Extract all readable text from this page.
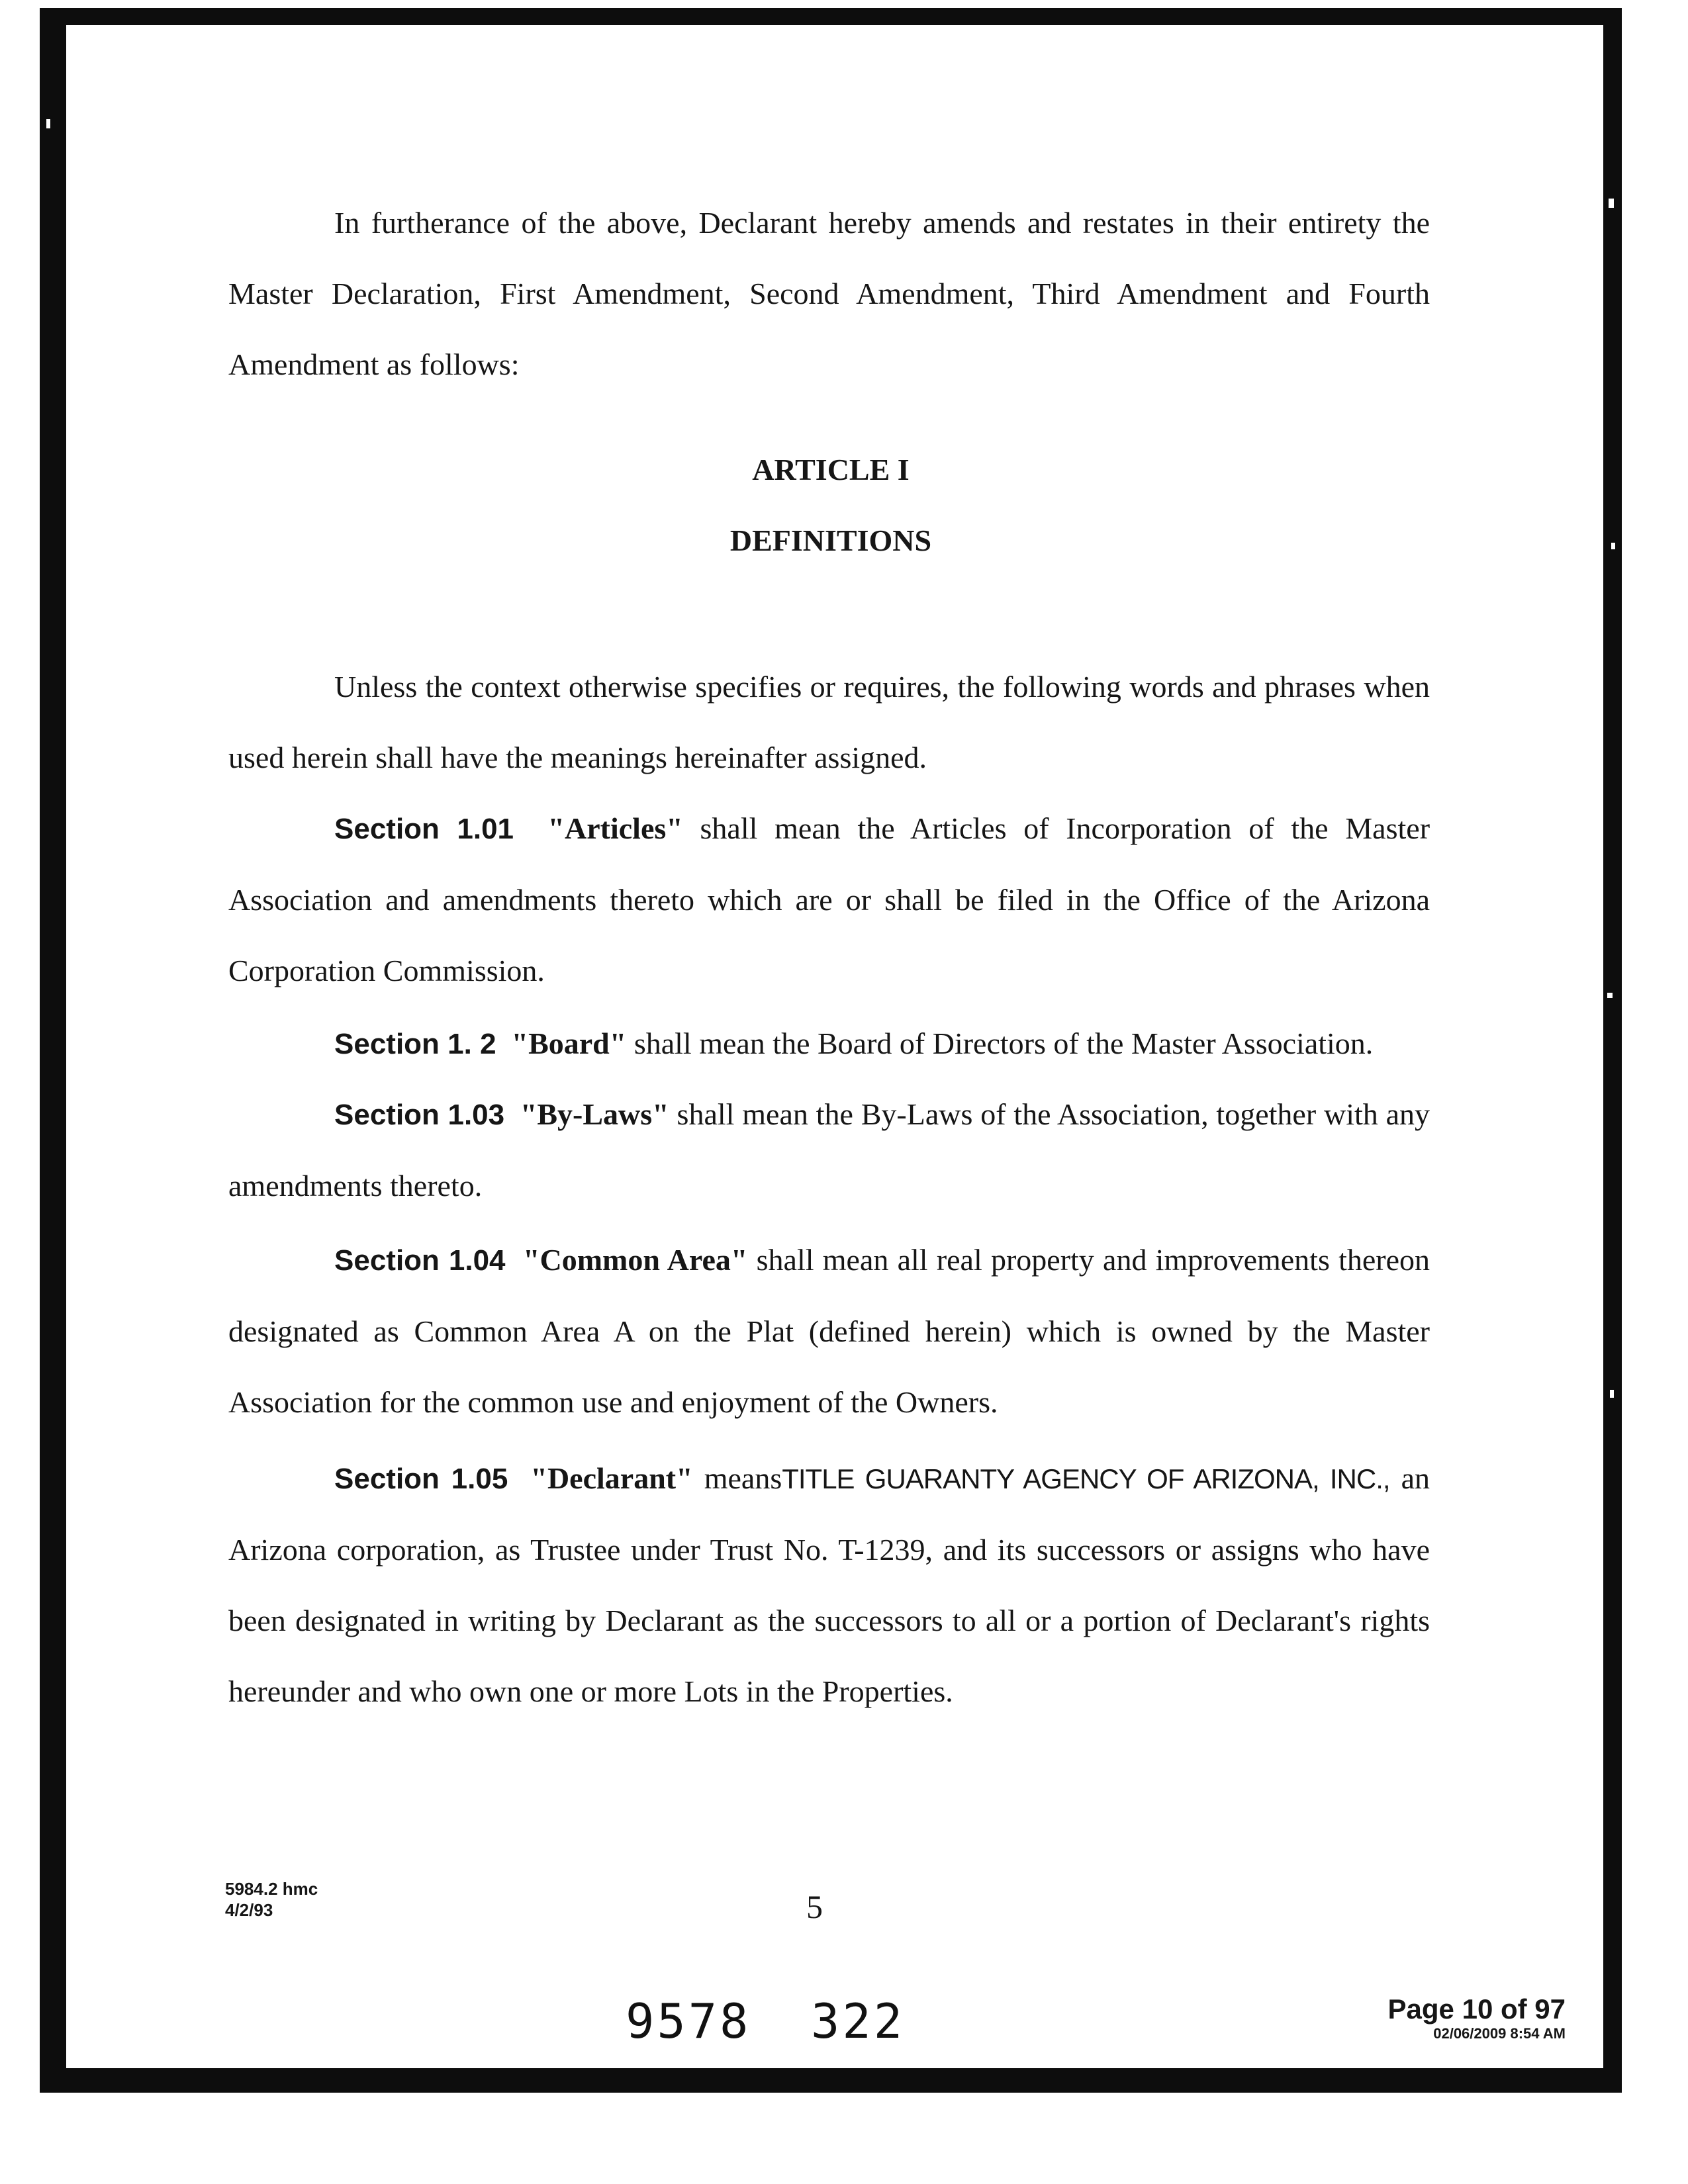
In furtherance of the above, Declarant hereby amends and restates in their entirety the Master Declaration, First Amendment, Second Amendment, Third Amendment and Fourth Amendment as follows:

ARTICLE I
DEFINITIONS

Unless the context otherwise specifies or requires, the following words and phrases when used herein shall have the meanings hereinafter assigned.

Section 1.01 "Articles" shall mean the Articles of Incorporation of the Master Association and amendments thereto which are or shall be filed in the Office of the Arizona Corporation Commission.

Section 1. 2 "Board" shall mean the Board of Directors of the Master Association.

Section 1.03 "By-Laws" shall mean the By-Laws of the Association, together with any amendments thereto.

Section 1.04 "Common Area" shall mean all real property and improvements thereon designated as Common Area A on the Plat (defined herein) which is owned by the Master Association for the common use and enjoyment of the Owners.

Section 1.05 "Declarant" meansTITLE GUARANTY AGENCY OF ARIZONA, INC., an Arizona corporation, as Trustee under Trust No. T-1239, and its successors or assigns who have been designated in writing by Declarant as the successors to all or a portion of Declarant's rights hereunder and who own one or more Lots in the Properties.

5984.2 hmc
4/2/93	5
9578 322	Page 10 of 97
02/06/2009 8:54 AM
